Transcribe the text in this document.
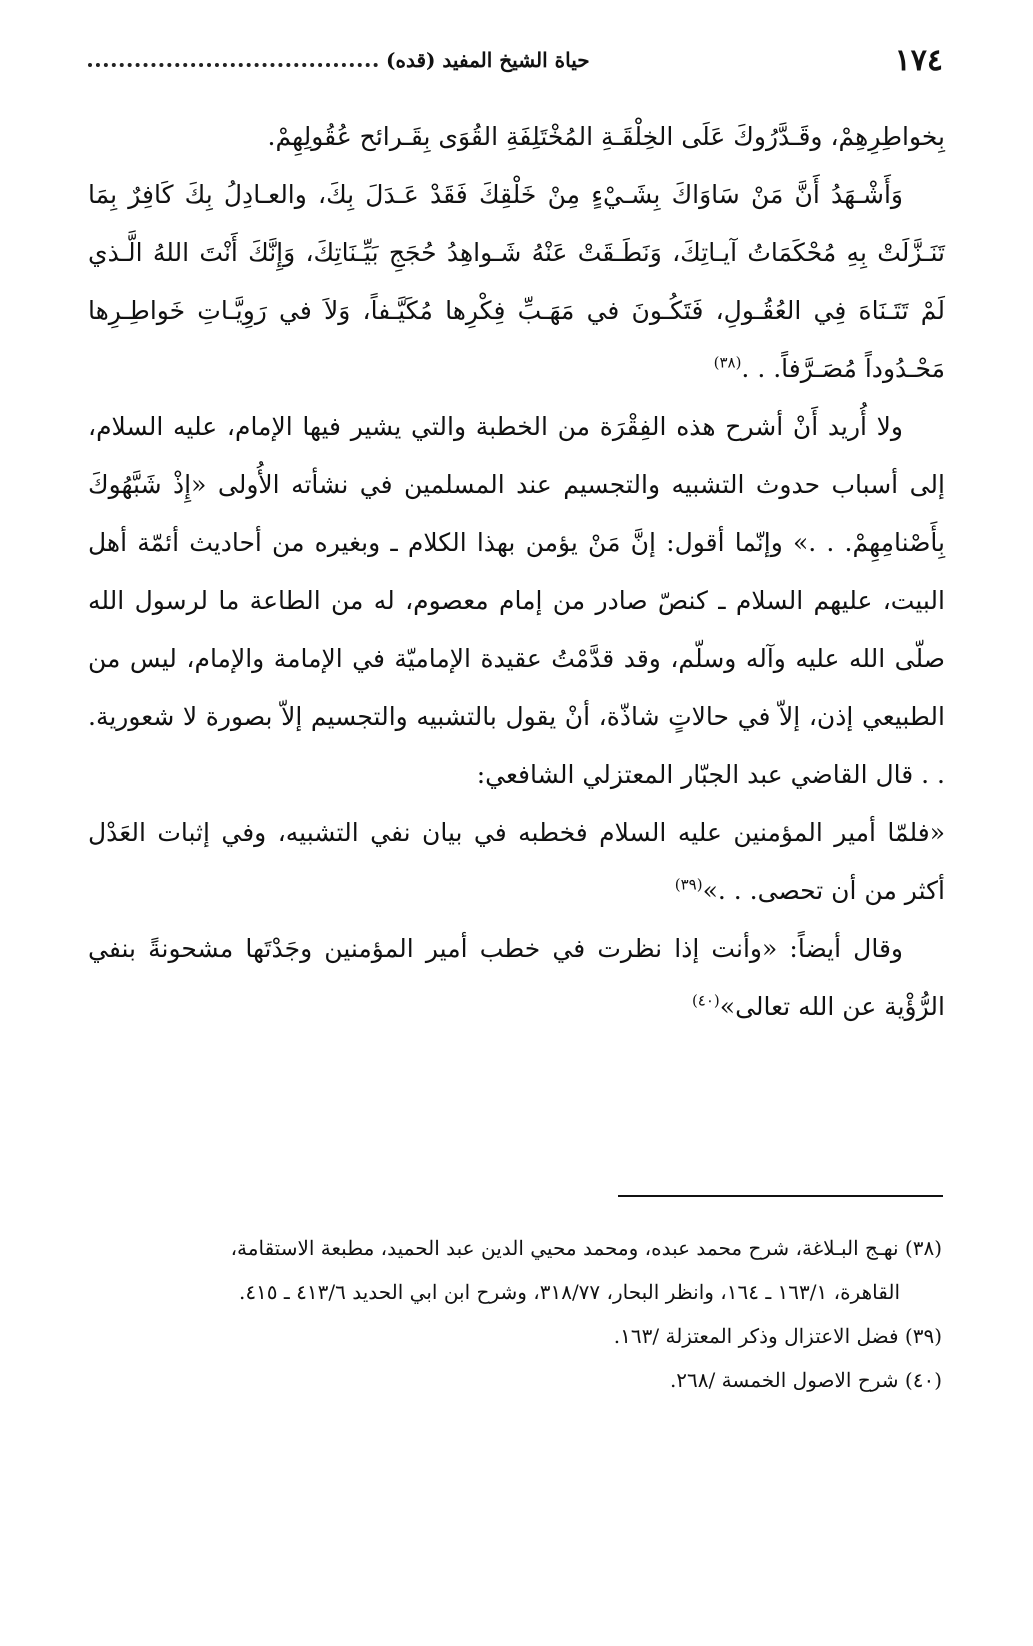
١٧٤
حياة الشيخ المفيد (قده)

بِخواطِرِهِمْ، وقَـدَّرُوكَ عَلَى الخِلْقَـةِ المُخْتَلِفَةِ القُوَى بِقَـرائح عُقُولِهِمْ.

وَأَشْـهَدُ أَنَّ مَنْ سَاوَاكَ بِشَـيْءٍ مِنْ خَلْقِكَ فَقَدْ عَـدَلَ بِكَ، والعـادِلُ بِكَ كَافِرٌ بِمَا تَنَـزَّلَتْ بِهِ مُحْكَمَاتُ آيـاتِكَ، وَنَطَـقَتْ عَنْهُ شَـواهِدُ حُجَجِ بَيِّـنَاتِكَ، وَإِنَّكَ أَنْتَ اللهُ الَّـذي لَمْ تَتَـنَاهَ فِي العُقُـولِ، فَتَكُـونَ في مَهَـبِّ فِكْرِها مُكَيَّـفاً، وَلاَ في رَوِيَّـاتِ خَواطِـرِها مَحْـدُوداً مُصَـرَّفاً. . .$^{(٣٨)}$

ولا أُريد أَنْ أشرح هذه الفِقْرَة من الخطبة والتي يشير فيها الإمام، عليه السلام، إلى أسباب حدوث التشبيه والتجسيم عند المسلمين في نشأته الأُولى «إِذْ شَبَّهُوكَ بِأَصْنامِهِمْ. . .» وإنّما أقول: إنَّ مَنْ يؤمن بهذا الكلام ـ وبغيره من أحاديث أئمّة أهل البيت، عليهم السلام ـ كنصّ صادر من إمام معصوم، له من الطاعة ما لرسول الله صلّى الله عليه وآله وسلّم، وقد قدَّمْتُ عقيدة الإماميّة في الإمامة والإمام، ليس من الطبيعي إذن، إلاّ في حالاتٍ شاذّة، أنْ يقول بالتشبيه والتجسيم إلاّ بصورة لا شعورية. . . قال القاضي عبد الجبّار المعتزلي الشافعي:

«فلمّا أمير المؤمنين عليه السلام فخطبه في بيان نفي التشبيه، وفي إثبات العَدْل أكثر من أن تحصى. . .»$^{(٣٩)}$

وقال أيضاً: «وأنت إذا نظرت في خطب أمير المؤمنين وجَدْتَها مشحونةً بنفي الرُّؤْية عن الله تعالى»$^{(٤٠)}$

(٣٨) نهـج البـلاغة، شرح محمد عبده، ومحمد محيي الدين عبد الحميد، مطبعة الاستقامة،

القاهرة، ١٦٣/١ ـ ١٦٤، وانظر البحار، ٣١٨/٧٧، وشرح ابن ابي الحديد ٤١٣/٦ ـ ٤١٥.

(٣٩) فضل الاعتزال وذكر المعتزلة /١٦٣.

(٤٠) شرح الاصول الخمسة /٢٦٨.
